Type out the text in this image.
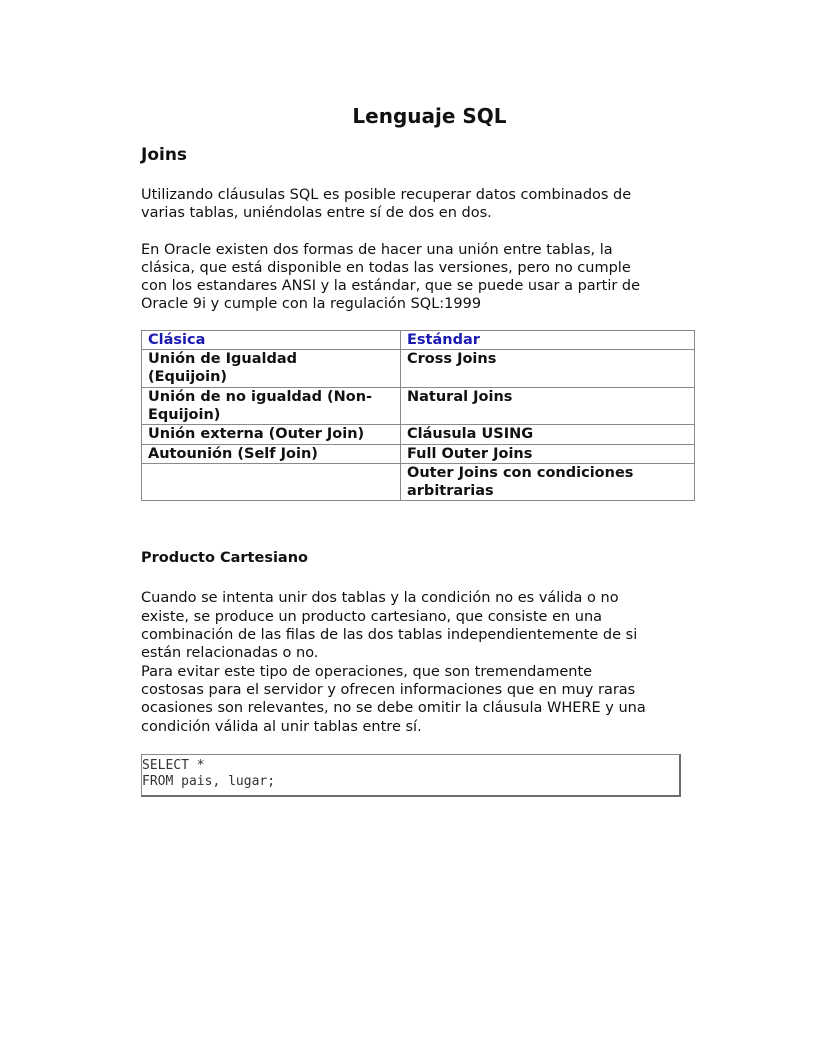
Lenguaje SQL
Joins

Utilizando cláusulas SQL es posible recuperar datos combinados de
varias tablas, uniéndolas entre sí de dos en dos.

En Oracle existen dos formas de hacer una unión entre tablas, la
clásica, que está disponible en todas las versiones, pero no cumple
con los estandares ANSI y la estándar, que se puede usar a partir de
Oracle 9i y cumple con la regulación SQL:1999

Clásica	Estándar

Unión de Igualdad
(Equijoin)	Cross Joins

Unión de no igualdad (Non-
Equijoin)	Natural Joins

Unión externa (Outer Join)	Cláusula USING

Autounión (Self Join)	Full Outer Joins

	Outer Joins con condiciones
arbitrarias
Producto Cartesiano

Cuando se intenta unir dos tablas y la condición no es válida o no
existe, se produce un producto cartesiano, que consiste en una
combinación de las filas de las dos tablas independientemente de si
están relacionadas o no.
Para evitar este tipo de operaciones, que son tremendamente
costosas para el servidor y ofrecen informaciones que en muy raras
ocasiones son relevantes, no se debe omitir la cláusula WHERE y una
condición válida al unir tablas entre sí.

SELECT *
FROM pais, lugar;
